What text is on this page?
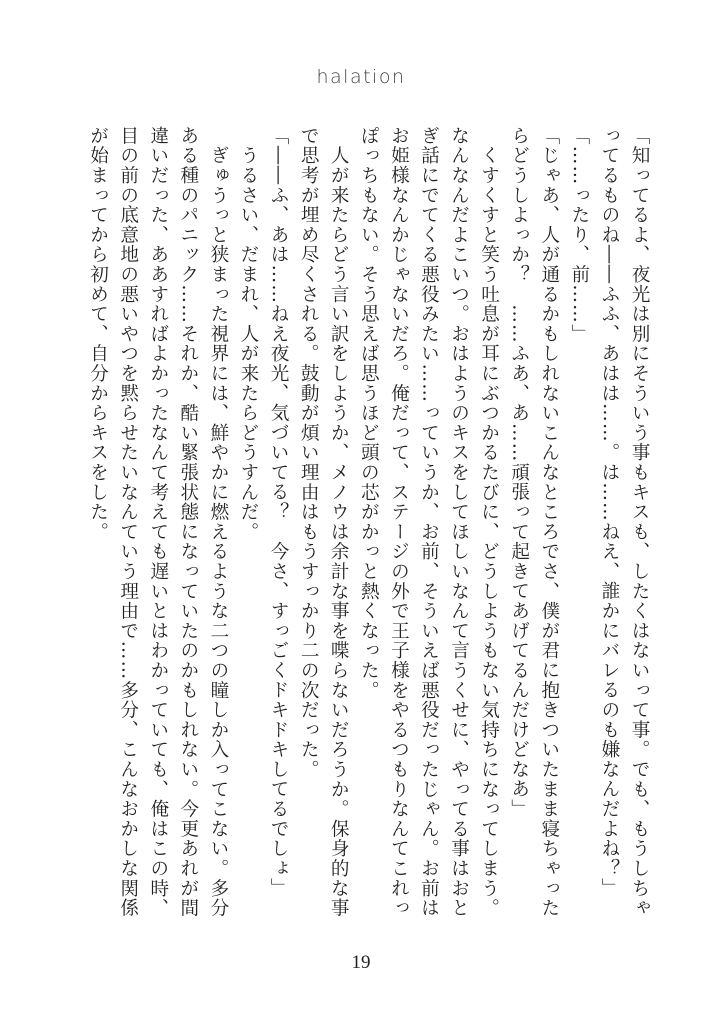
halation
「知ってるよ、夜光は別にそういう事もキスも、したくはないって事。でも、もうしちゃ
ってるものね――ふふ、あはは……。は……ねえ、誰かにバレるのも嫌なんだよね？」
「……ったり、前……」
「じゃあ、人が通るかもしれないこんなところでさ、僕が君に抱きついたまま寝ちゃった
らどうしよっか？　……ふあ、あ……頑張って起きてあげてるんだけどなあ」
　くすくすと笑う吐息が耳にぶつかるたびに、どうしようもない気持ちになってしまう。
なんなんだよこいつ。おはようのキスをしてほしいなんて言うくせに、やってる事はおと
ぎ話にでてくる悪役みたい……っていうか、お前、そういえば悪役だったじゃん。お前は
お姫様なんかじゃないだろ。俺だって、ステージの外で王子様をやるつもりなんてこれっ
ぽっちもない。そう思えば思うほど頭の芯がかっと熱くなった。
　人が来たらどう言い訳をしようか、メノウは余計な事を喋らないだろうか。保身的な事
で思考が埋め尽くされる。鼓動が煩い理由はもうすっかり二の次だった。
「――ふ、あは……ねえ夜光、気づいてる？　今さ、すっごくドキドキしてるでしょ」
　うるさい、だまれ、人が来たらどうすんだ。
　ぎゅうっと狭まった視界には、鮮やかに燃えるような二つの瞳しか入ってこない。多分
ある種のパニック……それか、酷い緊張状態になっていたのかもしれない。今更あれが間
違いだった、ああすればよかったなんて考えても遅いとはわかっていても、俺はこの時、
目の前の底意地の悪いやつを黙らせたいなんていう理由で……多分、こんなおかしな関係
が始まってから初めて、自分からキスをした。
19
